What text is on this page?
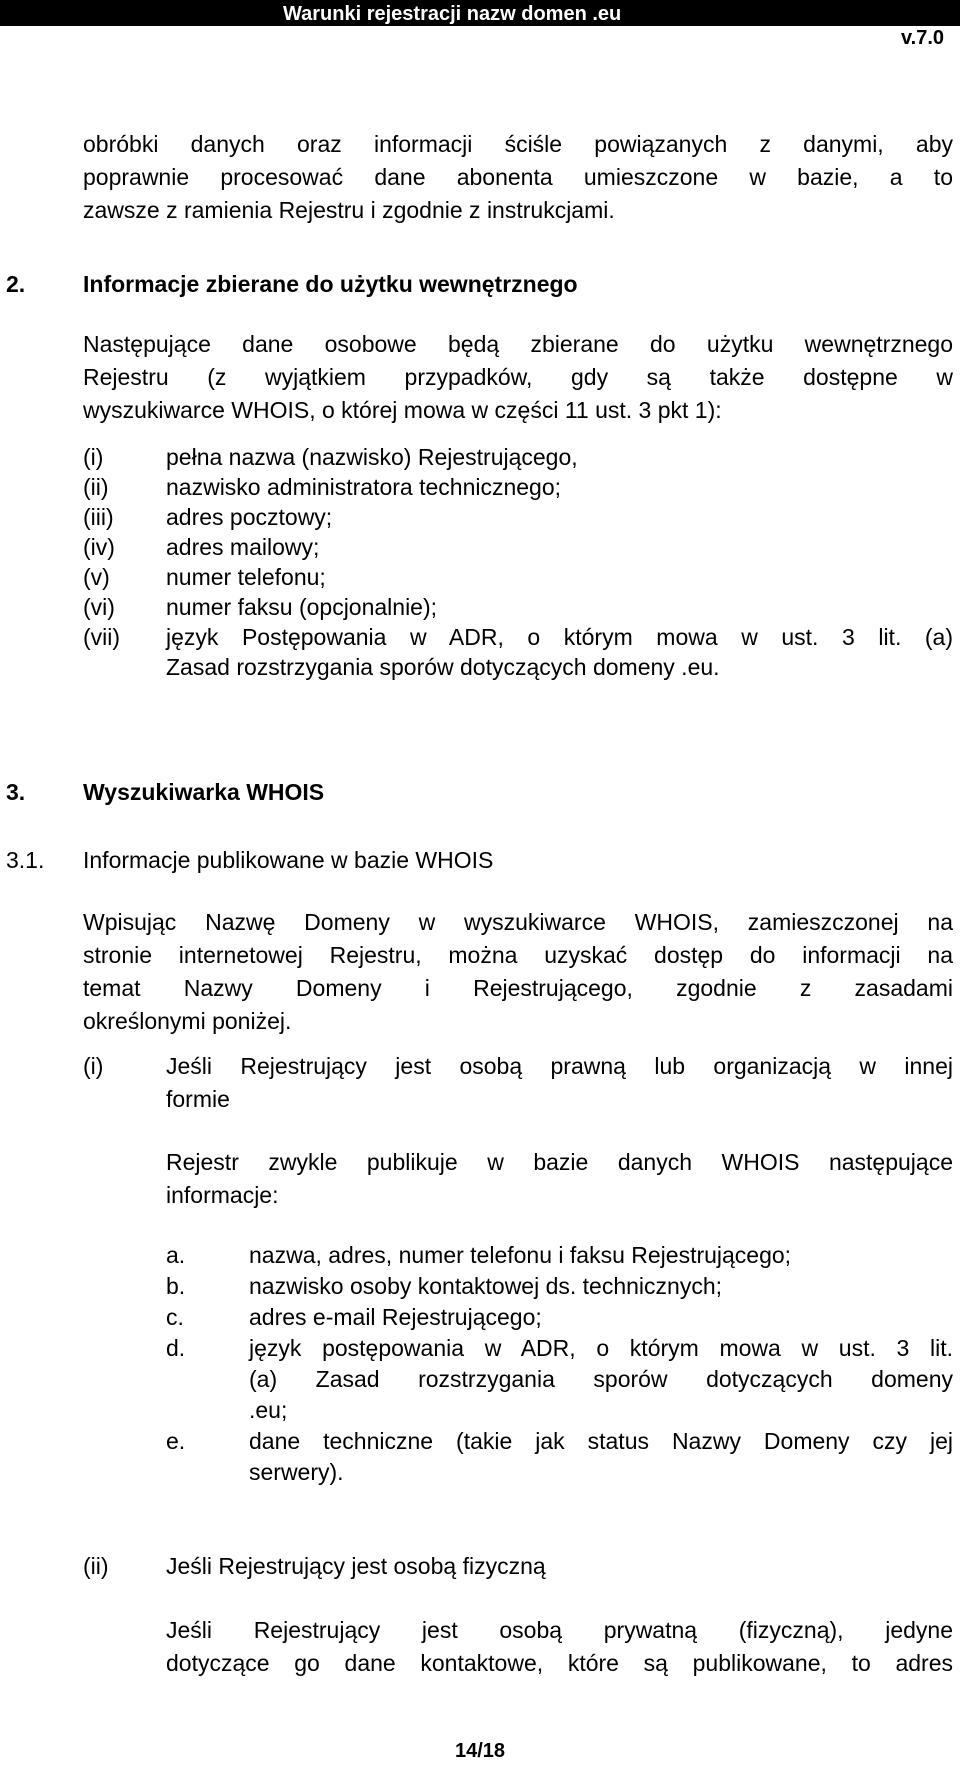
Warunki rejestracji nazw domen .eu
v.7.0

obróbki danych oraz informacji ściśle powiązanych z danymi, aby

poprawnie procesować dane abonenta umieszczone w bazie, a to

zawsze z ramienia Rejestru i zgodnie z instrukcjami.

2.	Informacje zbierane do użytku wewnętrznego

Następujące dane osobowe będą zbierane do użytku wewnętrznego

Rejestru (z wyjątkiem przypadków, gdy są także dostępne w

wyszukiwarce WHOIS, o której mowa w części 11 ust. 3 pkt 1):

(i)	pełna nazwa (nazwisko) Rejestrującego,
(ii) nazwisko administratora technicznego;
(iii) adres pocztowy;
(iv) adres mailowy;
(v) numer telefonu;
(vi) numer faksu (opcjonalnie);
(vii) język Postępowania w ADR, o którym mowa w ust. 3 lit. (a)
Zasad rozstrzygania sporów dotyczących domeny .eu.
3.	Wyszukiwarka WHOIS
3.1. Informacje publikowane w bazie WHOIS

Wpisując Nazwę Domeny w wyszukiwarce WHOIS, zamieszczonej na

stronie internetowej Rejestru, można uzyskać dostęp do informacji na

temat Nazwy Domeny i Rejestrującego, zgodnie z zasadami

określonymi poniżej.

(i)	Jeśli Rejestrujący jest osobą prawną lub organizacją w innej

formie

Rejestr zwykle publikuje w bazie danych WHOIS następujące

informacje:

a.	nazwa, adres, numer telefonu i faksu Rejestrującego;
b.	nazwisko osoby kontaktowej ds. technicznych;
c.	adres e-mail Rejestrującego;
d.	język postępowania w ADR, o którym mowa w ust. 3 lit.
(a) Zasad rozstrzygania sporów dotyczących domeny
.eu;
e.	dane techniczne (takie jak status Nazwy Domeny czy jej
serwery).
(ii) Jeśli Rejestrujący jest osobą fizyczną

Jeśli Rejestrujący jest osobą prywatną (fizyczną), jedyne

dotyczące go dane kontaktowe, które są publikowane, to adres

14/18
